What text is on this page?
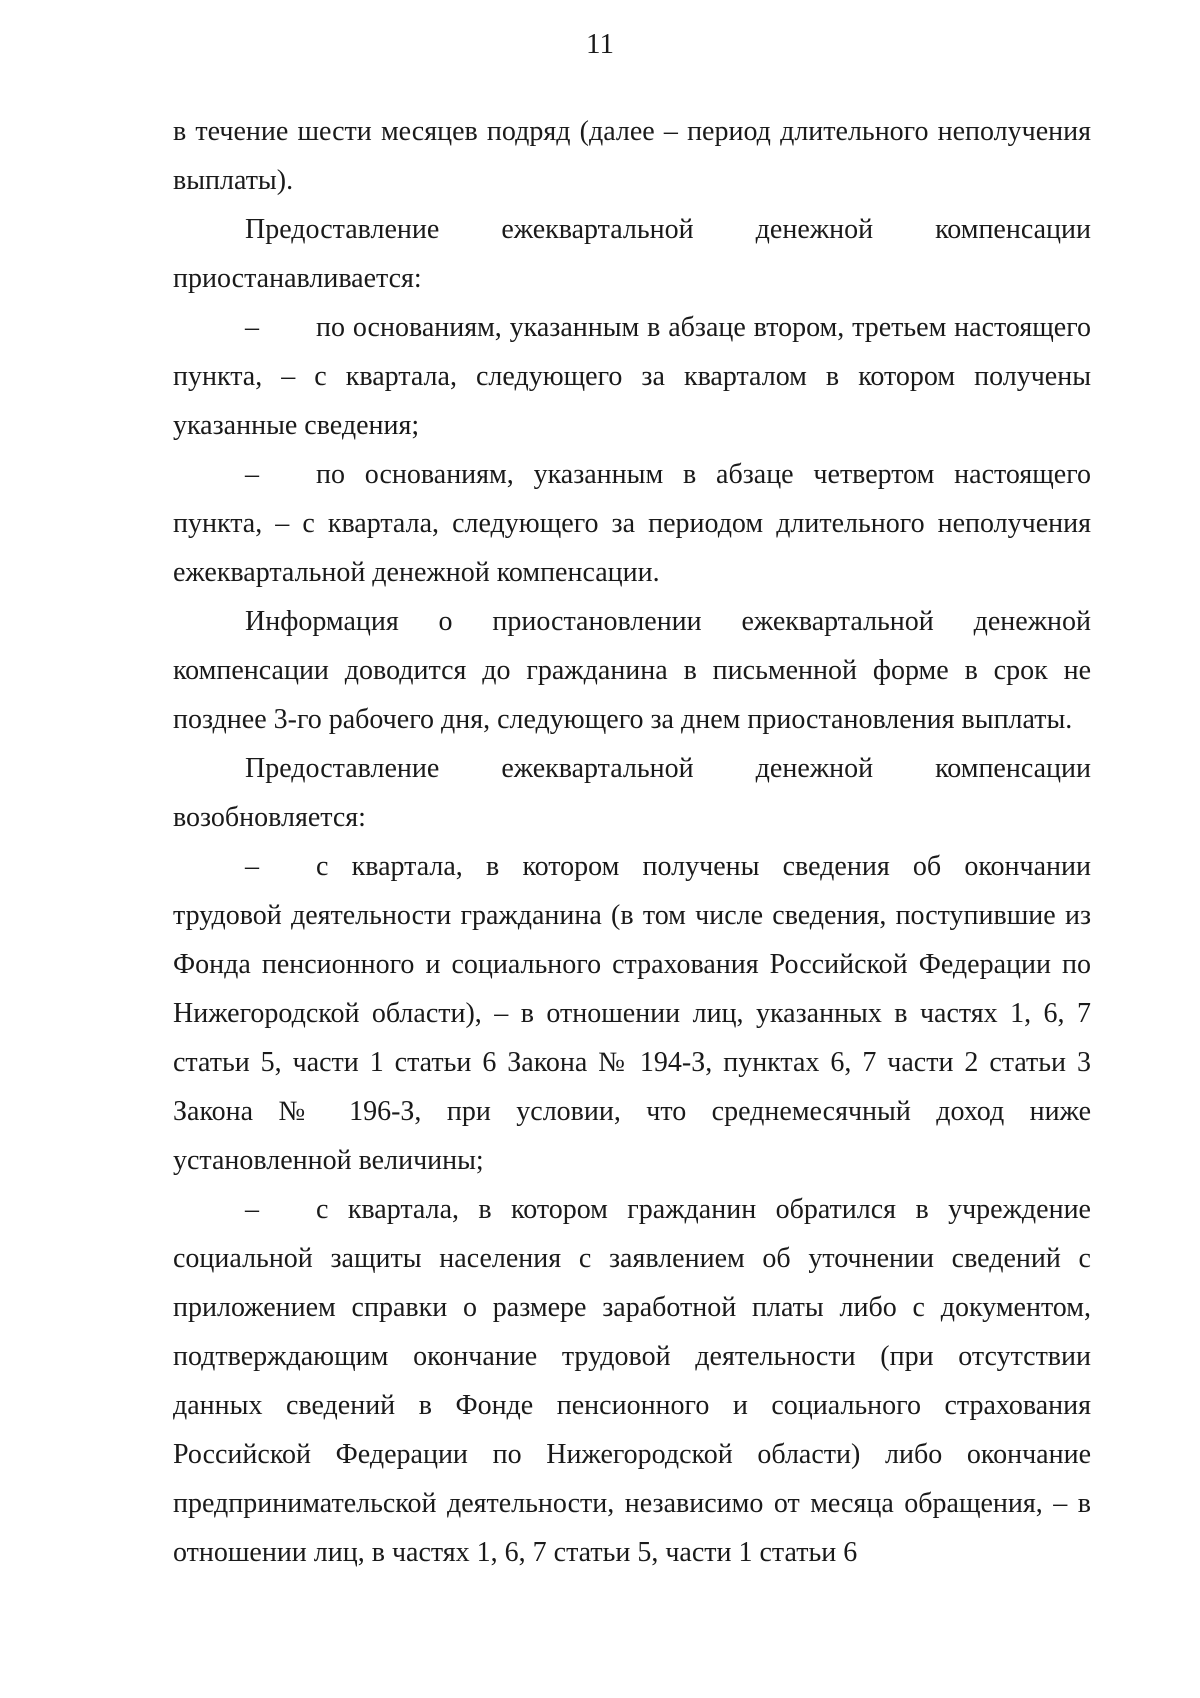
11

в течение шести месяцев подряд (далее – период длительного неполучения выплаты).

Предоставление ежеквартальной денежной компенсации приостанавливается:

– по основаниям, указанным в абзаце втором, третьем настоящего пункта, – с квартала, следующего за кварталом в котором получены указанные сведения;

– по основаниям, указанным в абзаце четвертом настоящего пункта, – с квартала, следующего за периодом длительного неполучения ежеквартальной денежной компенсации.

Информация о приостановлении ежеквартальной денежной компенсации доводится до гражданина в письменной форме в срок не позднее 3-го рабочего дня, следующего за днем приостановления выплаты.

Предоставление ежеквартальной денежной компенсации возобновляется:

– с квартала, в котором получены сведения об окончании трудовой деятельности гражданина (в том числе сведения, поступившие из Фонда пенсионного и социального страхования Российской Федерации по Нижегородской области), – в отношении лиц, указанных в частях 1, 6, 7 статьи 5, части 1 статьи 6 Закона № 194-З, пунктах 6, 7 части 2 статьи 3 Закона № 196-З, при условии, что среднемесячный доход ниже установленной величины;

– с квартала, в котором гражданин обратился в учреждение социальной защиты населения с заявлением об уточнении сведений с приложением справки о размере заработной платы либо с документом, подтверждающим окончание трудовой деятельности (при отсутствии данных сведений в Фонде пенсионного и социального страхования Российской Федерации по Нижегородской области) либо окончание предпринимательской деятельности, независимо от месяца обращения, – в отношении лиц, в частях 1, 6, 7 статьи 5, части 1 статьи 6
